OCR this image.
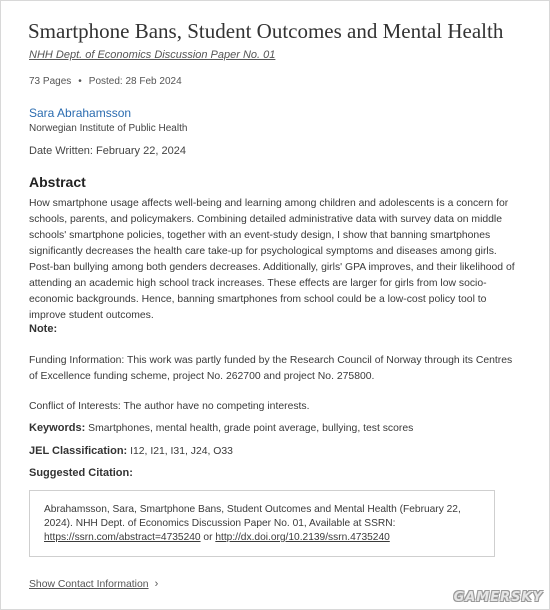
Smartphone Bans, Student Outcomes and Mental Health
NHH Dept. of Economics Discussion Paper No. 01
73 Pages • Posted: 28 Feb 2024
Sara Abrahamsson
Norwegian Institute of Public Health
Date Written: February 22, 2024
Abstract
How smartphone usage affects well-being and learning among children and adolescents is a concern for schools, parents, and policymakers. Combining detailed administrative data with survey data on middle schools' smartphone policies, together with an event-study design, I show that banning smartphones significantly decreases the health care take-up for psychological symptoms and diseases among girls. Post-ban bullying among both genders decreases. Additionally, girls' GPA improves, and their likelihood of attending an academic high school track increases. These effects are larger for girls from low socio-economic backgrounds. Hence, banning smartphones from school could be a low-cost policy tool to improve student outcomes.
Note:
Funding Information: This work was partly funded by the Research Council of Norway through its Centres of Excellence funding scheme, project No. 262700 and project No. 275800.
Conflict of Interests: The author have no competing interests.
Keywords: Smartphones, mental health, grade point average, bullying, test scores
JEL Classification: I12, I21, I31, J24, O33
Suggested Citation:
Abrahamsson, Sara, Smartphone Bans, Student Outcomes and Mental Health (February 22, 2024). NHH Dept. of Economics Discussion Paper No. 01, Available at SSRN: https://ssrn.com/abstract=4735240 or http://dx.doi.org/10.2139/ssrn.4735240
Show Contact Information ›
GAMERSKY
